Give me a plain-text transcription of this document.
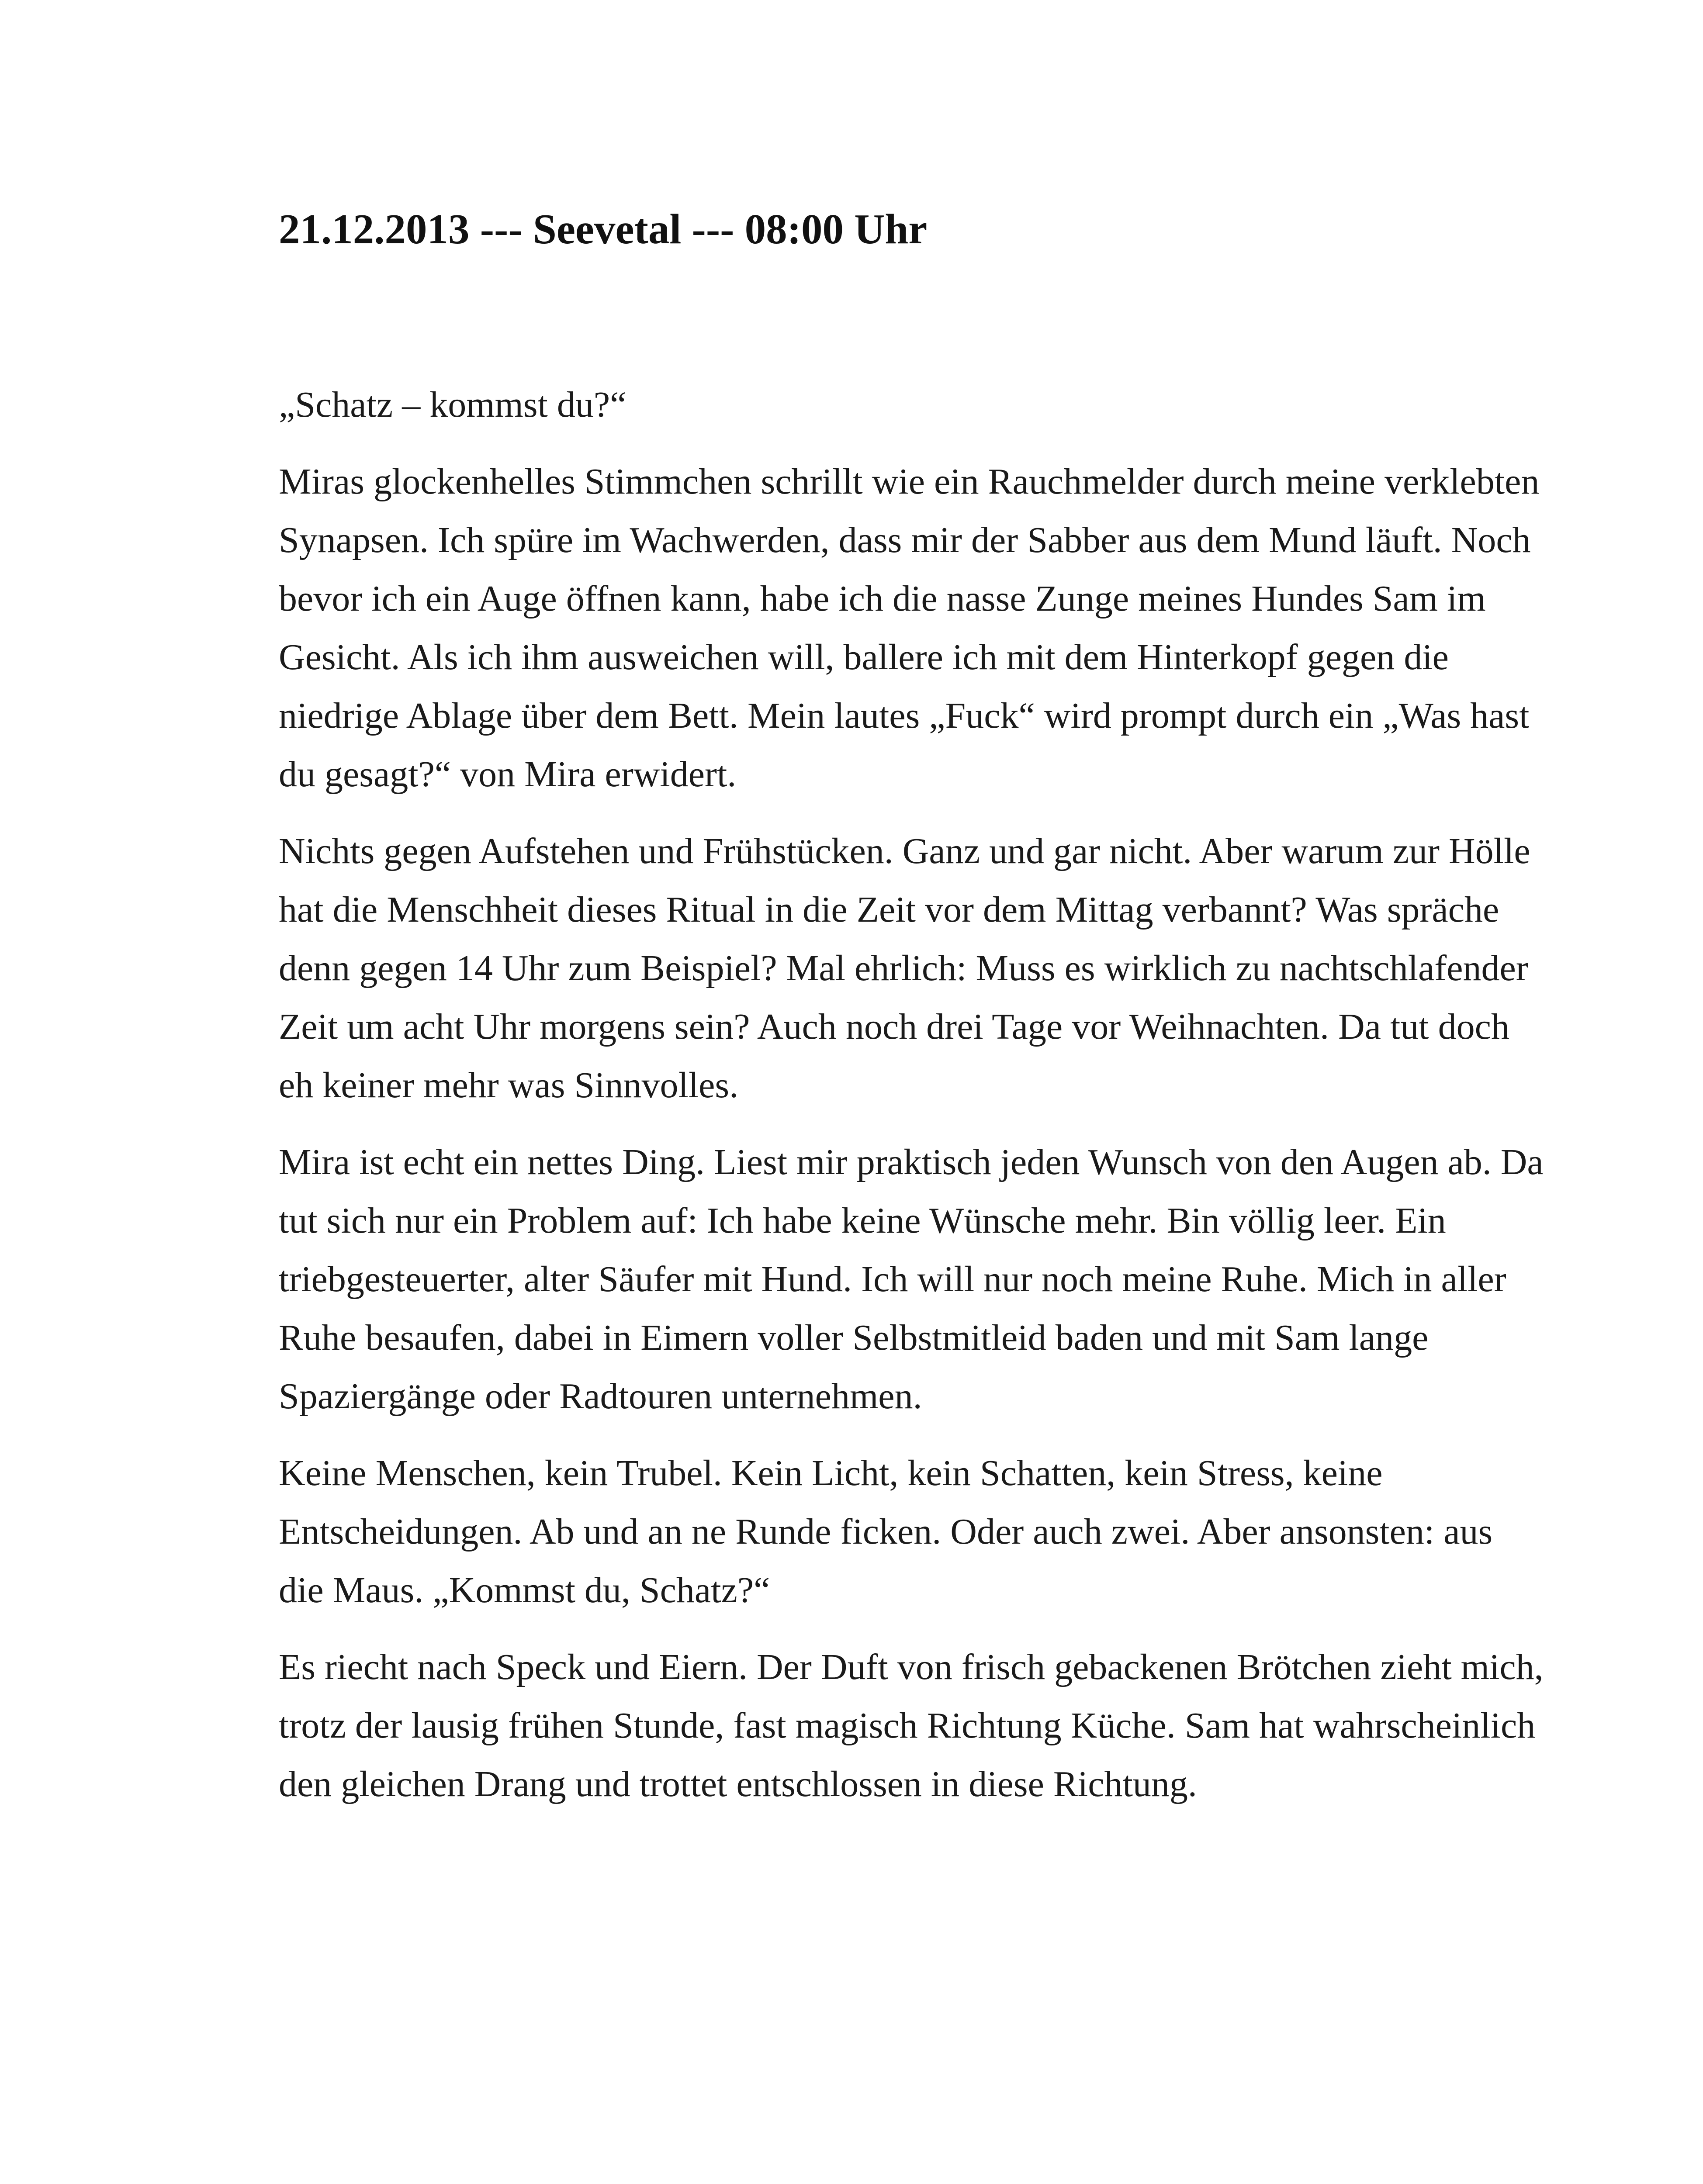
21.12.2013 --- Seevetal --- 08:00 Uhr

„Schatz – kommst du?“

Miras glockenhelles Stimmchen schrillt wie ein Rauchmelder durch meine verklebten Synapsen. Ich spüre im Wachwerden, dass mir der Sabber aus dem Mund läuft. Noch bevor ich ein Auge öffnen kann, habe ich die nasse Zunge meines Hundes Sam im Gesicht. Als ich ihm ausweichen will, ballere ich mit dem Hinterkopf gegen die niedrige Ablage über dem Bett. Mein lautes „Fuck“ wird prompt durch ein „Was hast du gesagt?“ von Mira erwidert.

Nichts gegen Aufstehen und Frühstücken. Ganz und gar nicht. Aber warum zur Hölle hat die Menschheit dieses Ritual in die Zeit vor dem Mittag verbannt? Was spräche denn gegen 14 Uhr zum Beispiel? Mal ehrlich: Muss es wirklich zu nachtschlafender Zeit um acht Uhr morgens sein? Auch noch drei Tage vor Weihnachten. Da tut doch eh keiner mehr was Sinnvolles.

Mira ist echt ein nettes Ding. Liest mir praktisch jeden Wunsch von den Augen ab. Da tut sich nur ein Problem auf: Ich habe keine Wünsche mehr. Bin völlig leer. Ein triebgesteuerter, alter Säufer mit Hund. Ich will nur noch meine Ruhe. Mich in aller Ruhe besaufen, dabei in Eimern voller Selbstmitleid baden und mit Sam lange Spaziergänge oder Radtouren unternehmen.

Keine Menschen, kein Trubel. Kein Licht, kein Schatten, kein Stress, keine Entscheidungen. Ab und an ne Runde ficken. Oder auch zwei. Aber ansonsten: aus die Maus. „Kommst du, Schatz?“

Es riecht nach Speck und Eiern. Der Duft von frisch gebackenen Brötchen zieht mich, trotz der lausig frühen Stunde, fast magisch Richtung Küche. Sam hat wahrscheinlich den gleichen Drang und trottet entschlossen in diese Richtung.
